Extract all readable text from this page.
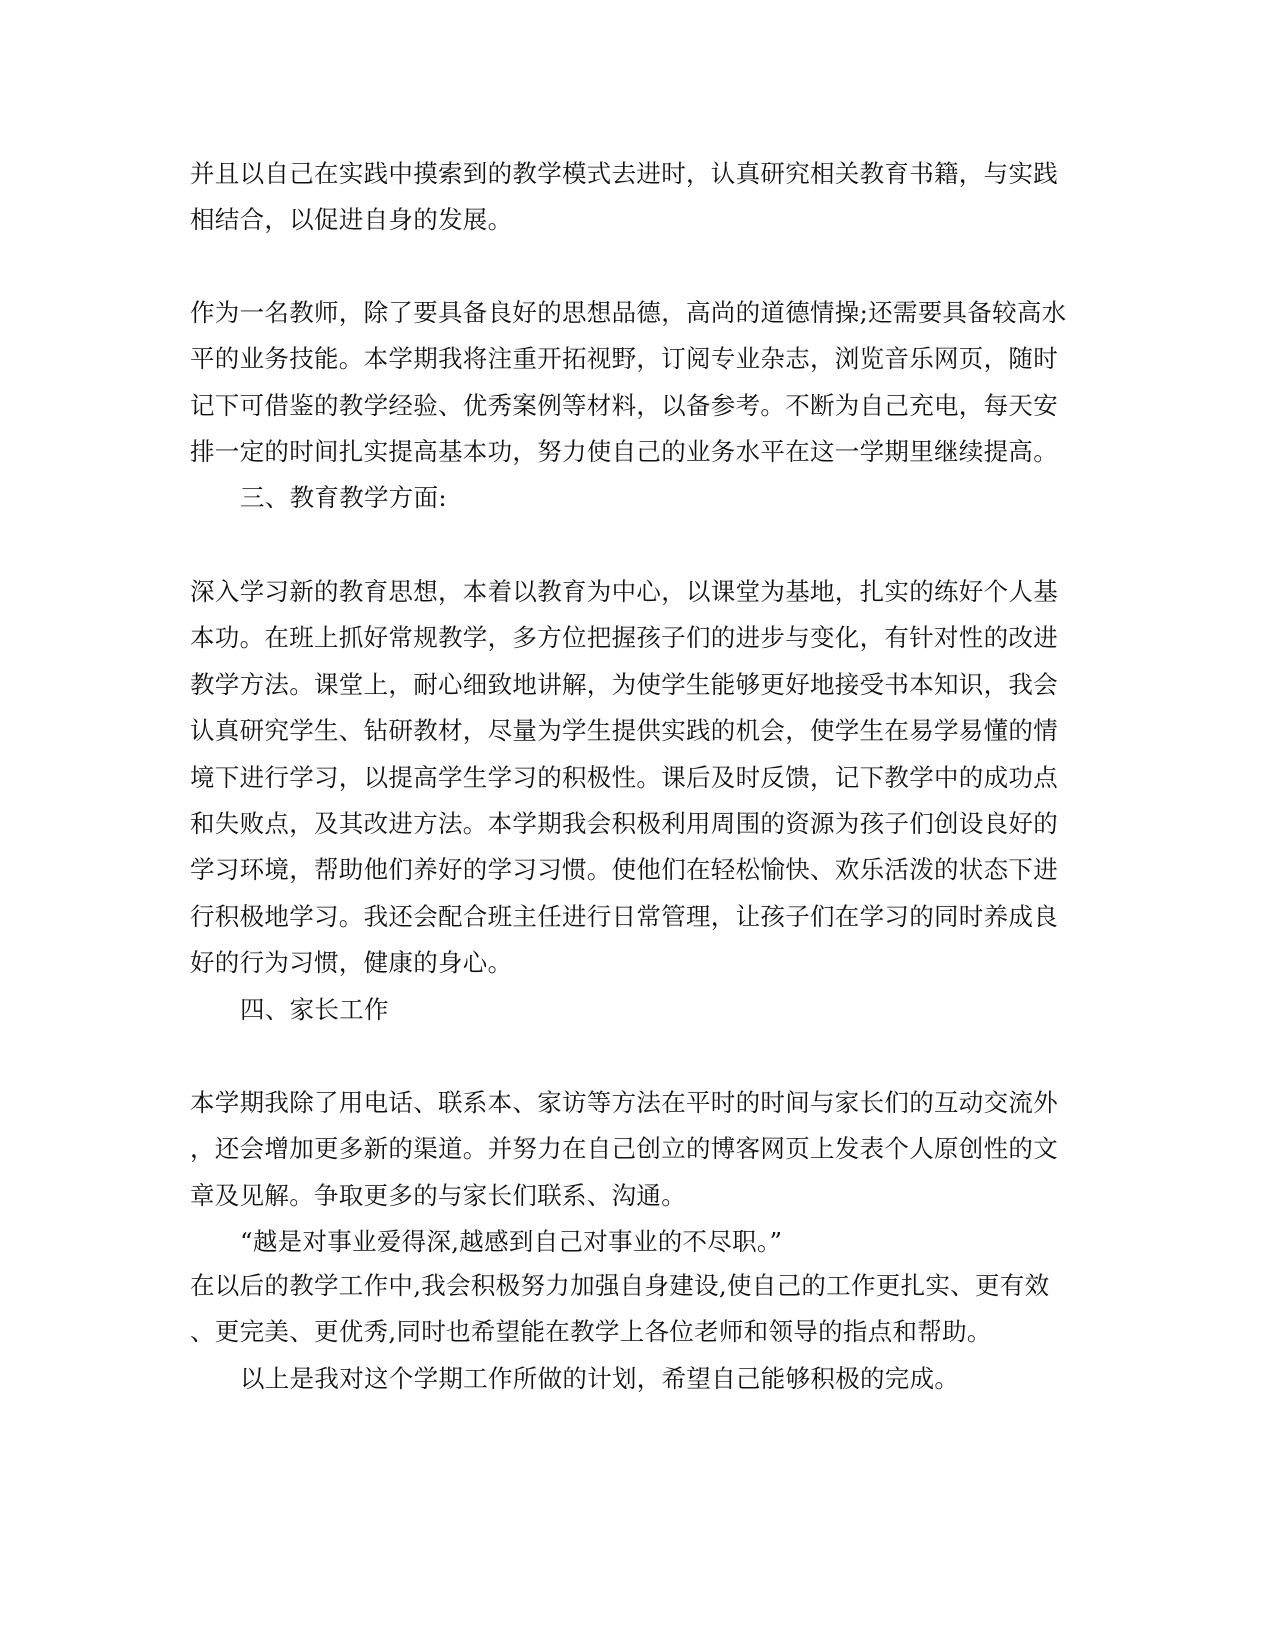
并且以自己在实践中摸索到的教学模式去进时，认真研究相关教育书籍，与实践
相结合，以促进自身的发展。
作为一名教师，除了要具备良好的思想品德，高尚的道德情操;还需要具备较高水
平的业务技能。本学期我将注重开拓视野，订阅专业杂志，浏览音乐网页，随时
记下可借鉴的教学经验、优秀案例等材料，以备参考。不断为自己充电，每天安
排一定的时间扎实提高基本功，努力使自己的业务水平在这一学期里继续提高。
三、教育教学方面:
深入学习新的教育思想，本着以教育为中心，以课堂为基地，扎实的练好个人基
本功。在班上抓好常规教学，多方位把握孩子们的进步与变化，有针对性的改进
教学方法。课堂上，耐心细致地讲解，为使学生能够更好地接受书本知识，我会
认真研究学生、钻研教材，尽量为学生提供实践的机会，使学生在易学易懂的情
境下进行学习，以提高学生学习的积极性。课后及时反馈，记下教学中的成功点
和失败点，及其改进方法。本学期我会积极利用周围的资源为孩子们创设良好的
学习环境，帮助他们养好的学习习惯。使他们在轻松愉快、欢乐活泼的状态下进
行积极地学习。我还会配合班主任进行日常管理，让孩子们在学习的同时养成良
好的行为习惯，健康的身心。
四、家长工作
本学期我除了用电话、联系本、家访等方法在平时的时间与家长们的互动交流外
，还会增加更多新的渠道。并努力在自己创立的博客网页上发表个人原创性的文
章及见解。争取更多的与家长们联系、沟通。
“越是对事业爱得深,越感到自己对事业的不尽职。”
在以后的教学工作中,我会积极努力加强自身建设,使自己的工作更扎实、更有效
、更完美、更优秀,同时也希望能在教学上各位老师和领导的指点和帮助。
以上是我对这个学期工作所做的计划，希望自己能够积极的完成。
